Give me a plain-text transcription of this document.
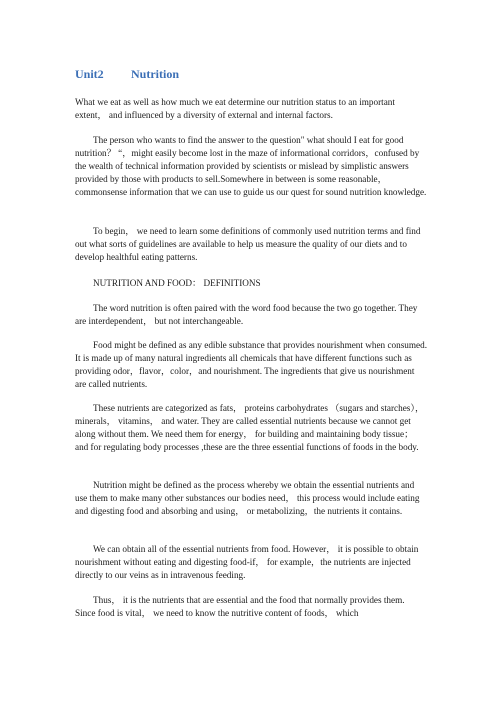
Unit2 Nutrition

What we eat as well as how much we eat determine our nutrition status to an important extent， and influenced by a diversity of external and internal factors.

The person who wants to find the answer to the question" what should I eat for good nutrition？ “，might easily become lost in the maze of informational corridors，confused by the wealth of technical information provided by scientists or mislead by simplistic answers provided by those with products to sell.Somewhere in between is some reasonable， commonsense information that we can use to guide us our quest for sound nutrition knowledge.

To begin， we need to learn some definitions of commonly used nutrition terms and find out what sorts of guidelines are available to help us measure the quality of our diets and to develop healthful eating patterns.

NUTRITION AND FOOD： DEFINITIONS

The word nutrition is often paired with the word food because the two go together. They are interdependent， but not interchangeable.

Food might be defined as any edible substance that provides nourishment when consumed. It is made up of many natural ingredients all chemicals that have different functions such as providing odor，flavor，color，and nourishment. The ingredients that give us nourishment are called nutrients.

These nutrients are categorized as fats， proteins carbohydrates （sugars and starches）， minerals， vitamins， and water. They are called essential nutrients because we cannot get along without them. We need them for energy， for building and maintaining body tissue； and for regulating body processes ,these are the three essential functions of foods in the body.

Nutrition might be defined as the process whereby we obtain the essential nutrients and use them to make many other substances our bodies need， this process would include eating and digesting food and absorbing and using， or metabolizing，the nutrients it contains.

We can obtain all of the essential nutrients from food. However， it is possible to obtain nourishment without eating and digesting food-if， for example，the nutrients are injected directly to our veins as in intravenous feeding.

Thus， it is the nutrients that are essential and the food that normally provides them. Since food is vital， we need to know the nutritive content of foods， which
